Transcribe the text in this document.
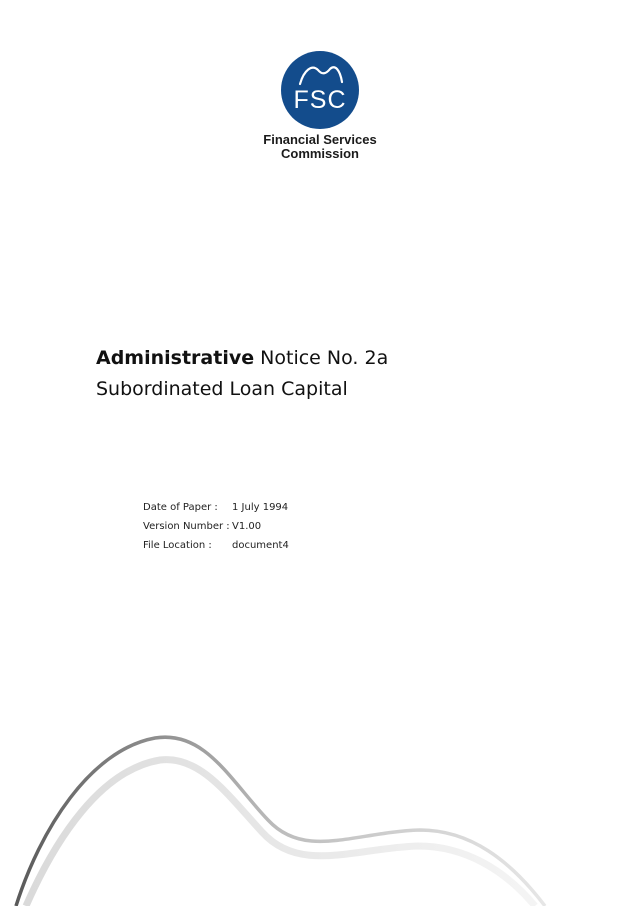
FSC
Financial Services
Commission
Administrative Notice No. 2a
Subordinated Loan Capital
Date of Paper :	1 July 1994
Version Number : V1.00
File Location :	document4
